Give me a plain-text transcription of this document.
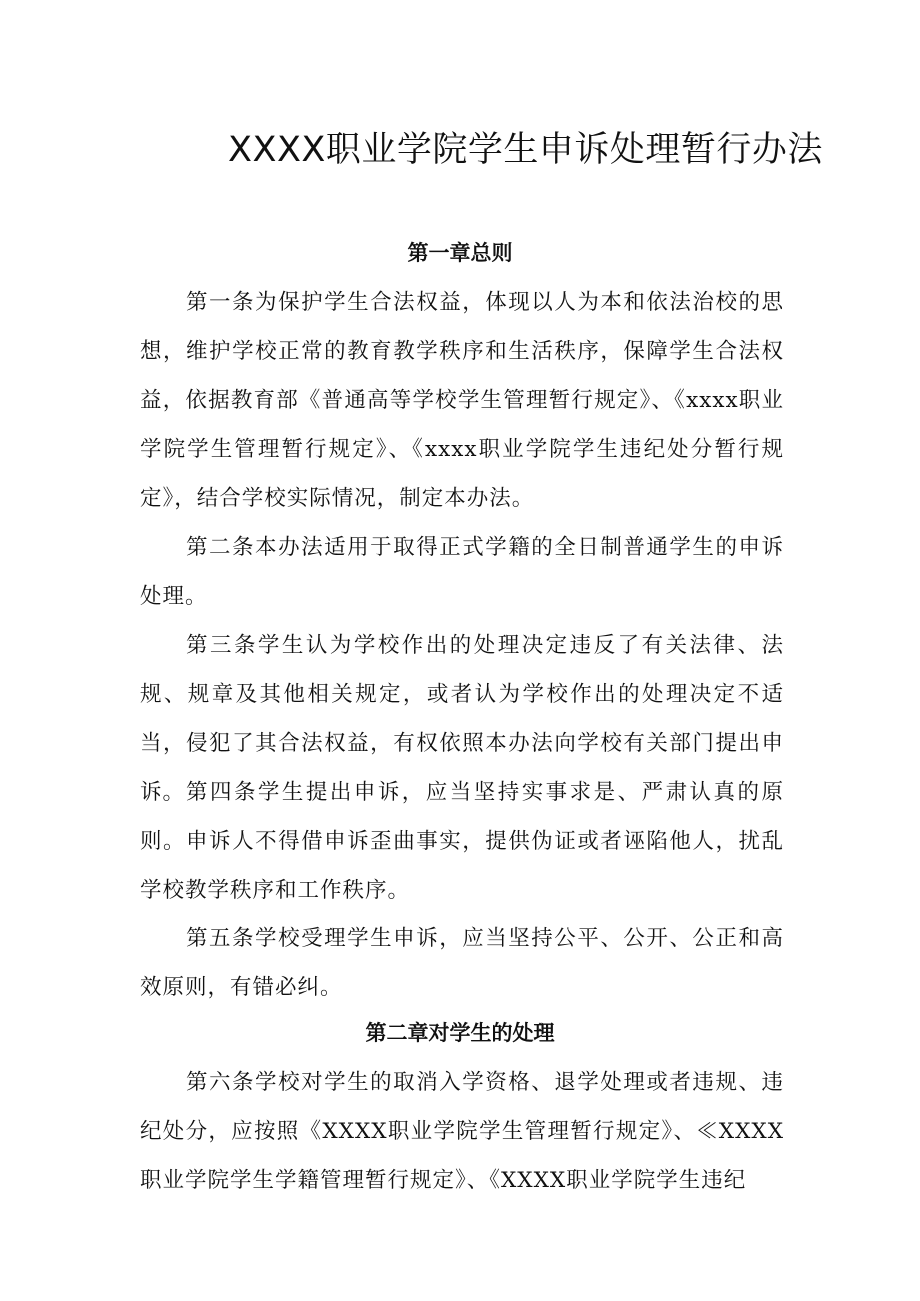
XXXX职业学院学生申诉处理暂行办法
第一章总则

第一条为保护学生合法权益，体现以人为本和依法治校的思想，维护学校正常的教育教学秩序和生活秩序，保障学生合法权益，依据教育部《普通高等学校学生管理暂行规定》、《xxxx职业学院学生管理暂行规定》、《xxxx职业学院学生违纪处分暂行规定》，结合学校实际情况，制定本办法。

第二条本办法适用于取得正式学籍的全日制普通学生的申诉处理。

第三条学生认为学校作出的处理决定违反了有关法律、法规、规章及其他相关规定，或者认为学校作出的处理决定不适当，侵犯了其合法权益，有权依照本办法向学校有关部门提出申诉。 第四条学生提出申诉，应当坚持实事求是、严肃认真的原则。申诉人不得借申诉歪曲事实，提供伪证或者诬陷他人，扰乱学校教学秩序和工作秩序。

第五条学校受理学生申诉，应当坚持公平、公开、公正和高效原则，有错必纠。

第二章对学生的处理

第六条学校对学生的取消入学资格、退学处理或者违规、违纪处分，应按照《XXXX职业学院学生管理暂行规定》、≪XXXX职业学院学生学籍管理暂行规定》、《XXXX职业学院学生违纪
